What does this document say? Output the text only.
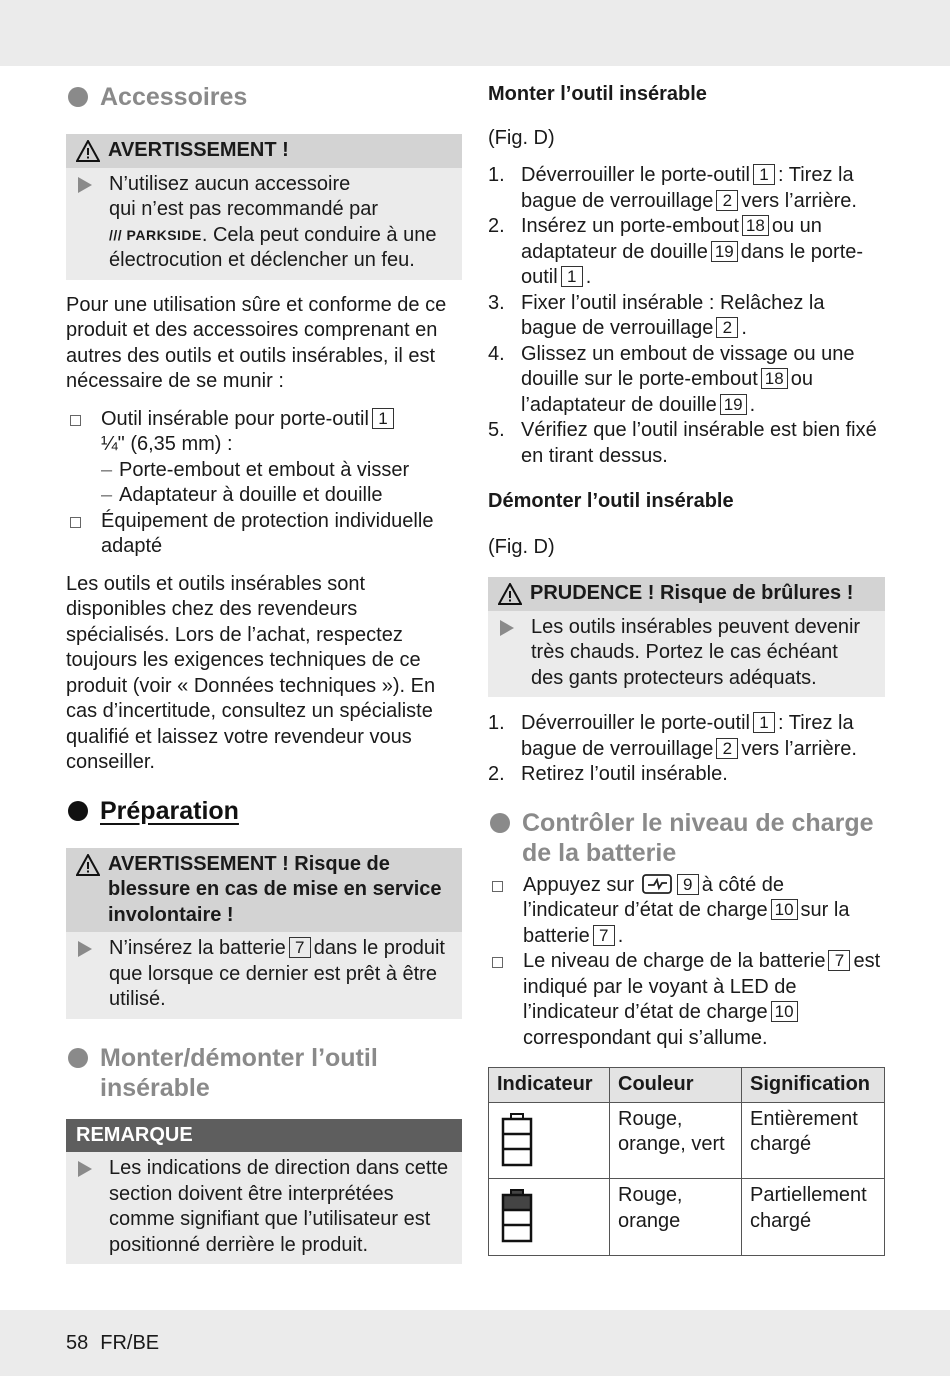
Accessoires
AVERTISSEMENT !
N’utilisez aucun accessoire
qui n’est pas recommandé par
/// PARKSIDE. Cela peut conduire à une
électrocution et déclencher un feu.

Pour une utilisation sûre et conforme de ce produit et des accessoires comprenant en autres des outils et outils insérables, il est nécessaire de se munir :

Outil insérable pour porte-outil 1
¼" (6,35 mm) :
– Porte-embout et embout à visser
– Adaptateur à douille et douille
Équipement de protection individuelle adapté

Les outils et outils insérables sont disponibles chez des revendeurs spécialisés. Lors de l’achat, respectez toujours les exigences techniques de ce produit (voir « Données techniques »). En cas d’incertitude, consultez un spécialiste qualifié et laissez votre revendeur vous conseiller.

Préparation
AVERTISSEMENT ! Risque de blessure en cas de mise en service involontaire !
N’insérez la batterie 7 dans le produit que lorsque ce dernier est prêt à être utilisé.
Monter/démonter l’outil insérable
REMARQUE
Les indications de direction dans cette section doivent être interprétées comme signifiant que l’utilisateur est positionné derrière le produit.
Monter l’outil insérable
(Fig. D)
1. Déverrouiller le porte-outil 1 : Tirez la bague de verrouillage 2 vers l’arrière.
2. Insérez un porte-embout 18 ou un adaptateur de douille 19 dans le porte-outil 1 .
3. Fixer l’outil insérable : Relâchez la bague de verrouillage 2 .
4. Glissez un embout de vissage ou une douille sur le porte-embout 18 ou l’adaptateur de douille 19 .
5. Vérifiez que l’outil insérable est bien fixé en tirant dessus.
Démonter l’outil insérable
(Fig. D)
PRUDENCE ! Risque de brûlures !
Les outils insérables peuvent devenir très chauds. Portez le cas échéant des gants protecteurs adéquats.
1. Déverrouiller le porte-outil 1 : Tirez la bague de verrouillage 2 vers l’arrière.
2. Retirez l’outil insérable.
Contrôler le niveau de charge de la batterie
Appuyez sur	9 à côté de l’indicateur d’état de charge 10 sur la batterie 7 .
Le niveau de charge de la batterie 7 est indiqué par le voyant à LED de l’indicateur d’état de charge 10correspondant qui s’allume.
Indicateur	Couleur	Signification
	Rouge, orange, vert	Entièrement chargé
	Rouge, orange	Partiellement chargé
58 FR/BE
